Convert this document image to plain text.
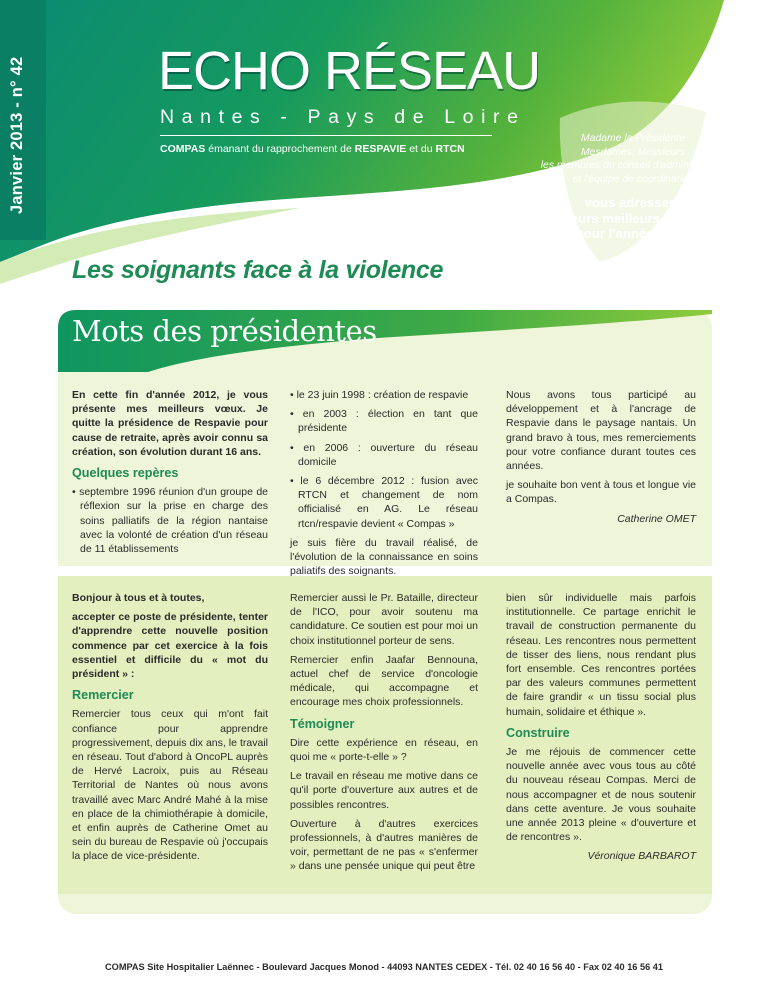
Janvier 2013 - n° 42 ECHO RÉSEAU
Nantes - Pays de Loire
COMPAS émanant du rapprochement de RESPAVIE et du RTCN
Madame la Présidente
Mesdames, Messieurs
les membres du conseil d'administration
et l'équipe de coordination
vous adressent
leurs meilleurs vœux
pour l'année 2013.
Les soignants face à la violence
Mots des présidentes

En cette fin d'année 2012, je vous présente mes meilleurs vœux. Je quitte la présidence de Respavie pour cause de retraite, après avoir connu sa création, son évolution durant 16 ans.

Quelques repères

• septembre 1996 réunion d'un groupe de réflexion sur la prise en charge des soins palliatifs de la région nantaise avec la volonté de création d'un réseau de 11 établissements

• le 23 juin 1998 : création de respavie

• en 2003 : élection en tant que présidente

• en 2006 : ouverture du réseau domicile

• le 6 décembre 2012 : fusion avec RTCN et changement de nom officialisé en AG. Le réseau rtcn/respavie devient « Compas »

je suis fière du travail réalisé, de l'évolution de la connaissance en soins paliatifs des soignants.

Nous avons tous participé au développement et à l'ancrage de Respavie dans le paysage nantais. Un grand bravo à tous, mes remerciements pour votre confiance durant toutes ces années.

je souhaite bon vent à tous et longue vie a Compas.

Catherine OMET

Bonjour à tous et à toutes,

accepter ce poste de présidente, tenter d'apprendre cette nouvelle position commence par cet exercice à la fois essentiel et difficile du « mot du président » :

Remercier

Remercier tous ceux qui m'ont fait confiance pour apprendre progressivement, depuis dix ans, le travail en réseau. Tout d'abord à OncoPL auprès de Hervé Lacroix, puis au Réseau Territorial de Nantes où nous avons travaillé avec Marc André Mahé à la mise en place de la chimiothérapie à domicile, et enfin auprès de Catherine Omet au sein du bureau de Respavie où j'occupais la place de vice-présidente.

Remercier aussi le Pr. Bataille, directeur de l'ICO, pour avoir soutenu ma candidature. Ce soutien est pour moi un choix institutionnel porteur de sens.

Remercier enfin Jaafar Bennouna, actuel chef de service d'oncologie médicale, qui accompagne et encourage mes choix professionnels.

Témoigner

Dire cette expérience en réseau, en quoi me « porte-t-elle » ?

Le travail en réseau me motive dans ce qu'il porte d'ouverture aux autres et de possibles rencontres.

Ouverture à d'autres exercices professionnels, à d'autres manières de voir, permettant de ne pas « s'enfermer » dans une pensée unique qui peut être

bien sûr individuelle mais parfois institutionnelle. Ce partage enrichit le travail de construction permanente du réseau. Les rencontres nous permettent de tisser des liens, nous rendant plus fort ensemble. Ces rencontres portées par des valeurs communes permettent de faire grandir « un tissu social plus humain, solidaire et éthique ».

Construire

Je me réjouis de commencer cette nouvelle année avec vous tous au côté du nouveau réseau Compas. Merci de nous accompagner et de nous soutenir dans cette aventure. Je vous souhaite une année 2013 pleine « d'ouverture et de rencontres ».

Véronique BARBAROT

COMPAS Site Hospitalier Laënnec - Boulevard Jacques Monod - 44093 NANTES CEDEX - Tél. 02 40 16 56 40 - Fax 02 40 16 56 41
